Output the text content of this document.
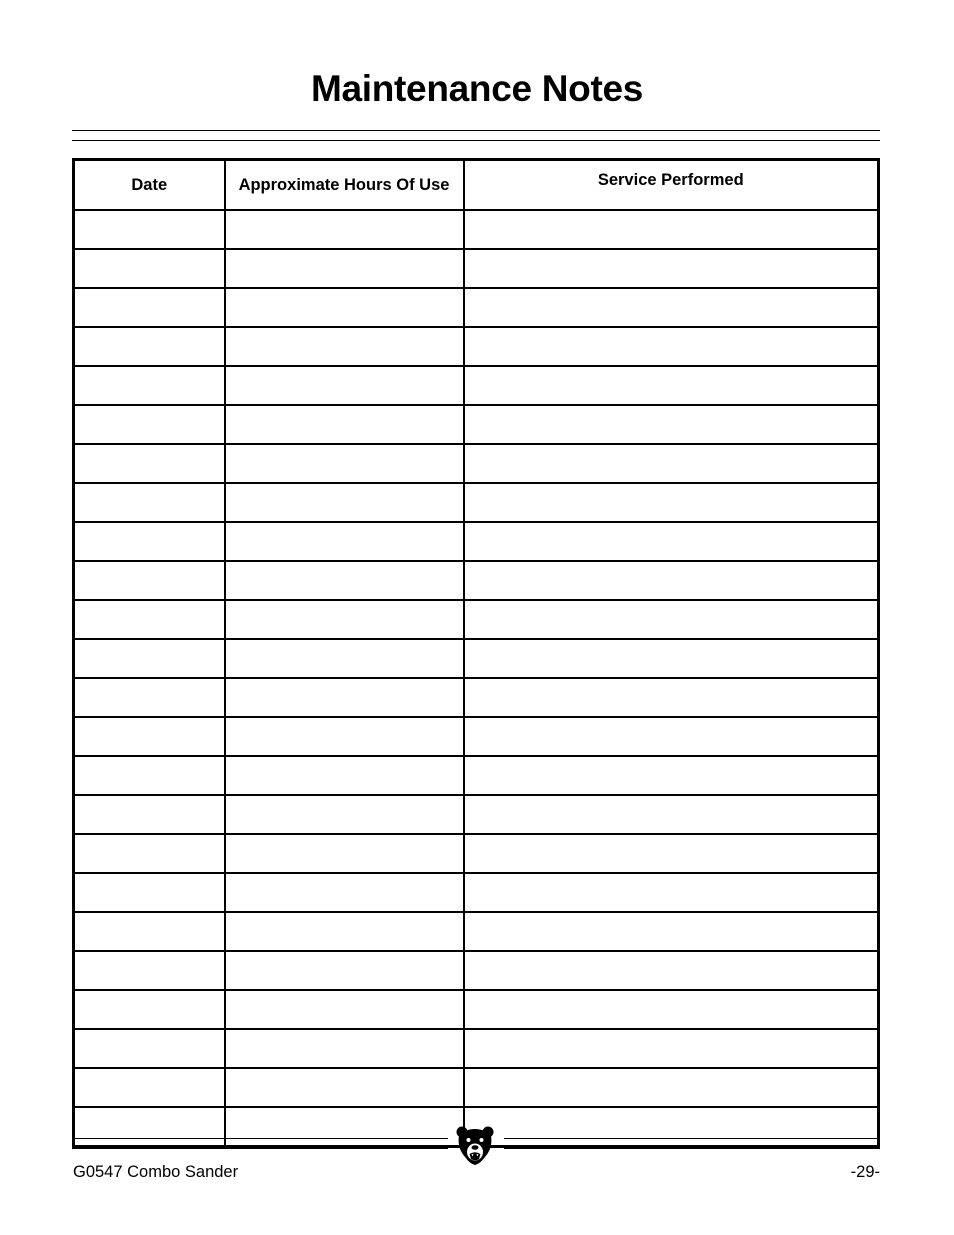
Maintenance Notes
Date	Approximate Hours Of Use	Service Performed

G0547 Combo Sander	-29-
